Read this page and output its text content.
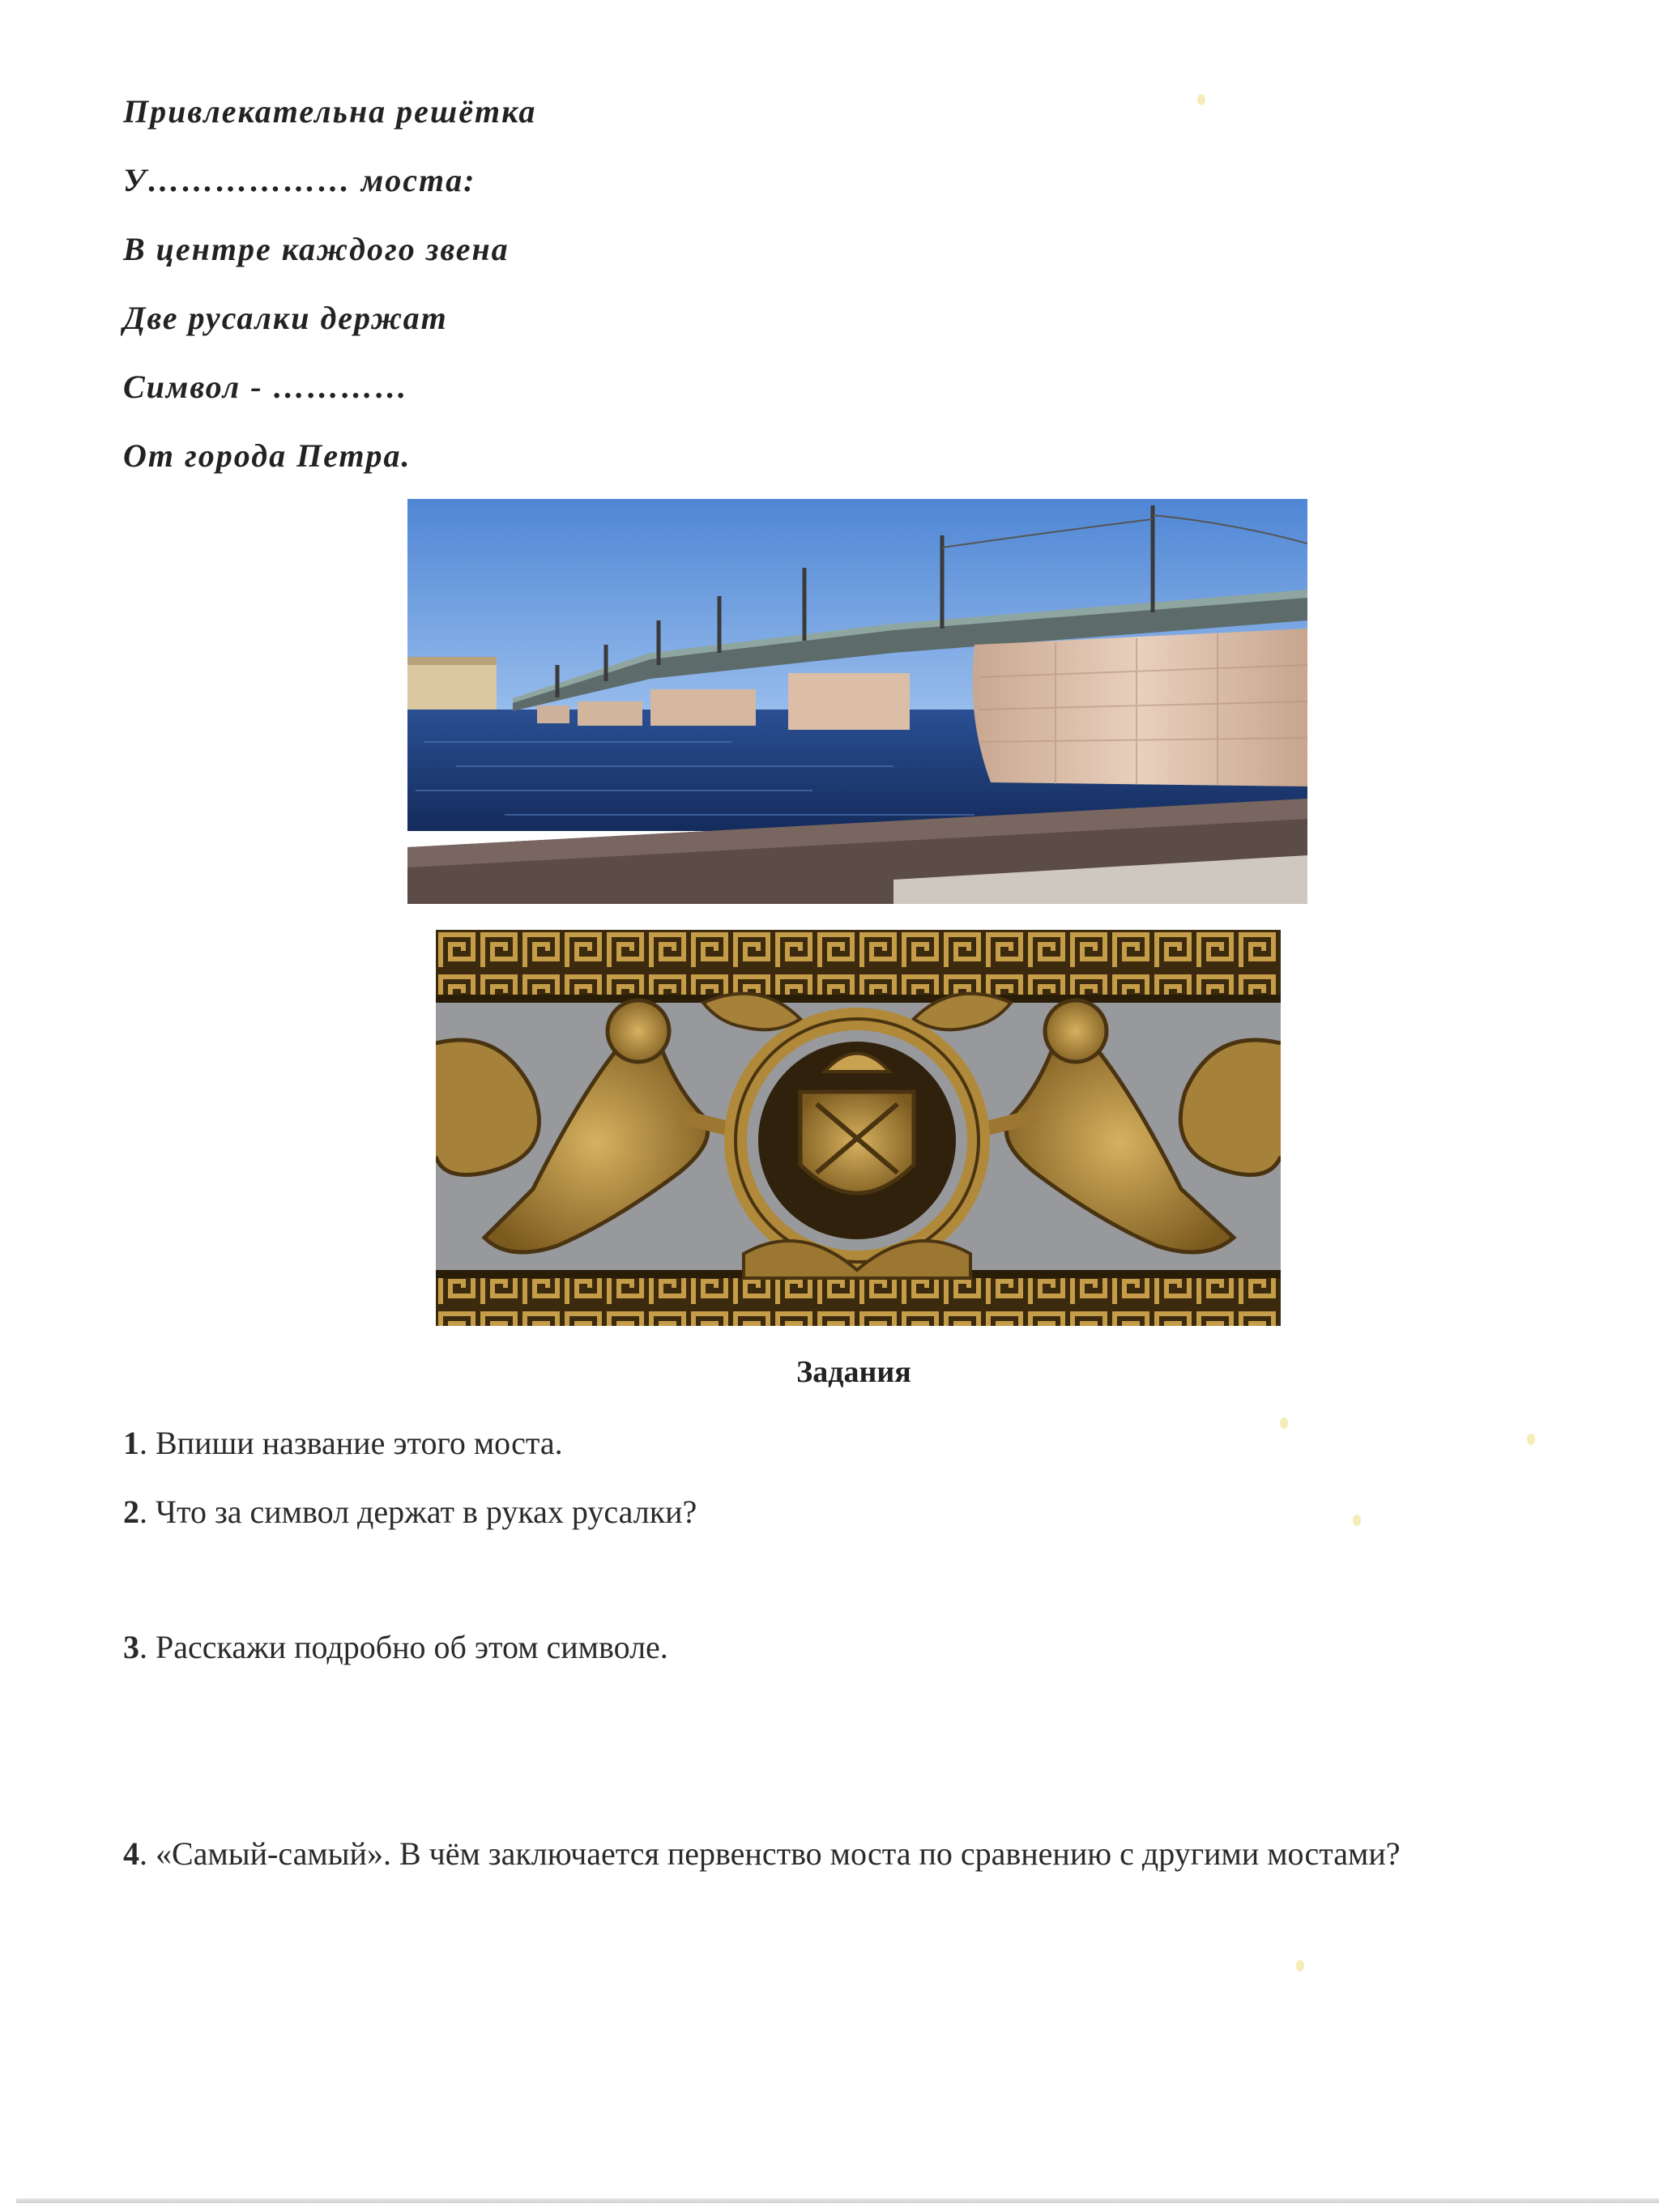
Привлекательна решётка
У……………… моста:
В центре каждого звена
Две русалки держат
Символ - …………
От города Петра.
Задания
1. Впиши название этого моста.
2. Что за символ держат в руках русалки?
3. Расскажи подробно об этом символе.
4. «Самый-самый». В чём заключается первенство моста по сравнению с другими мостами?
